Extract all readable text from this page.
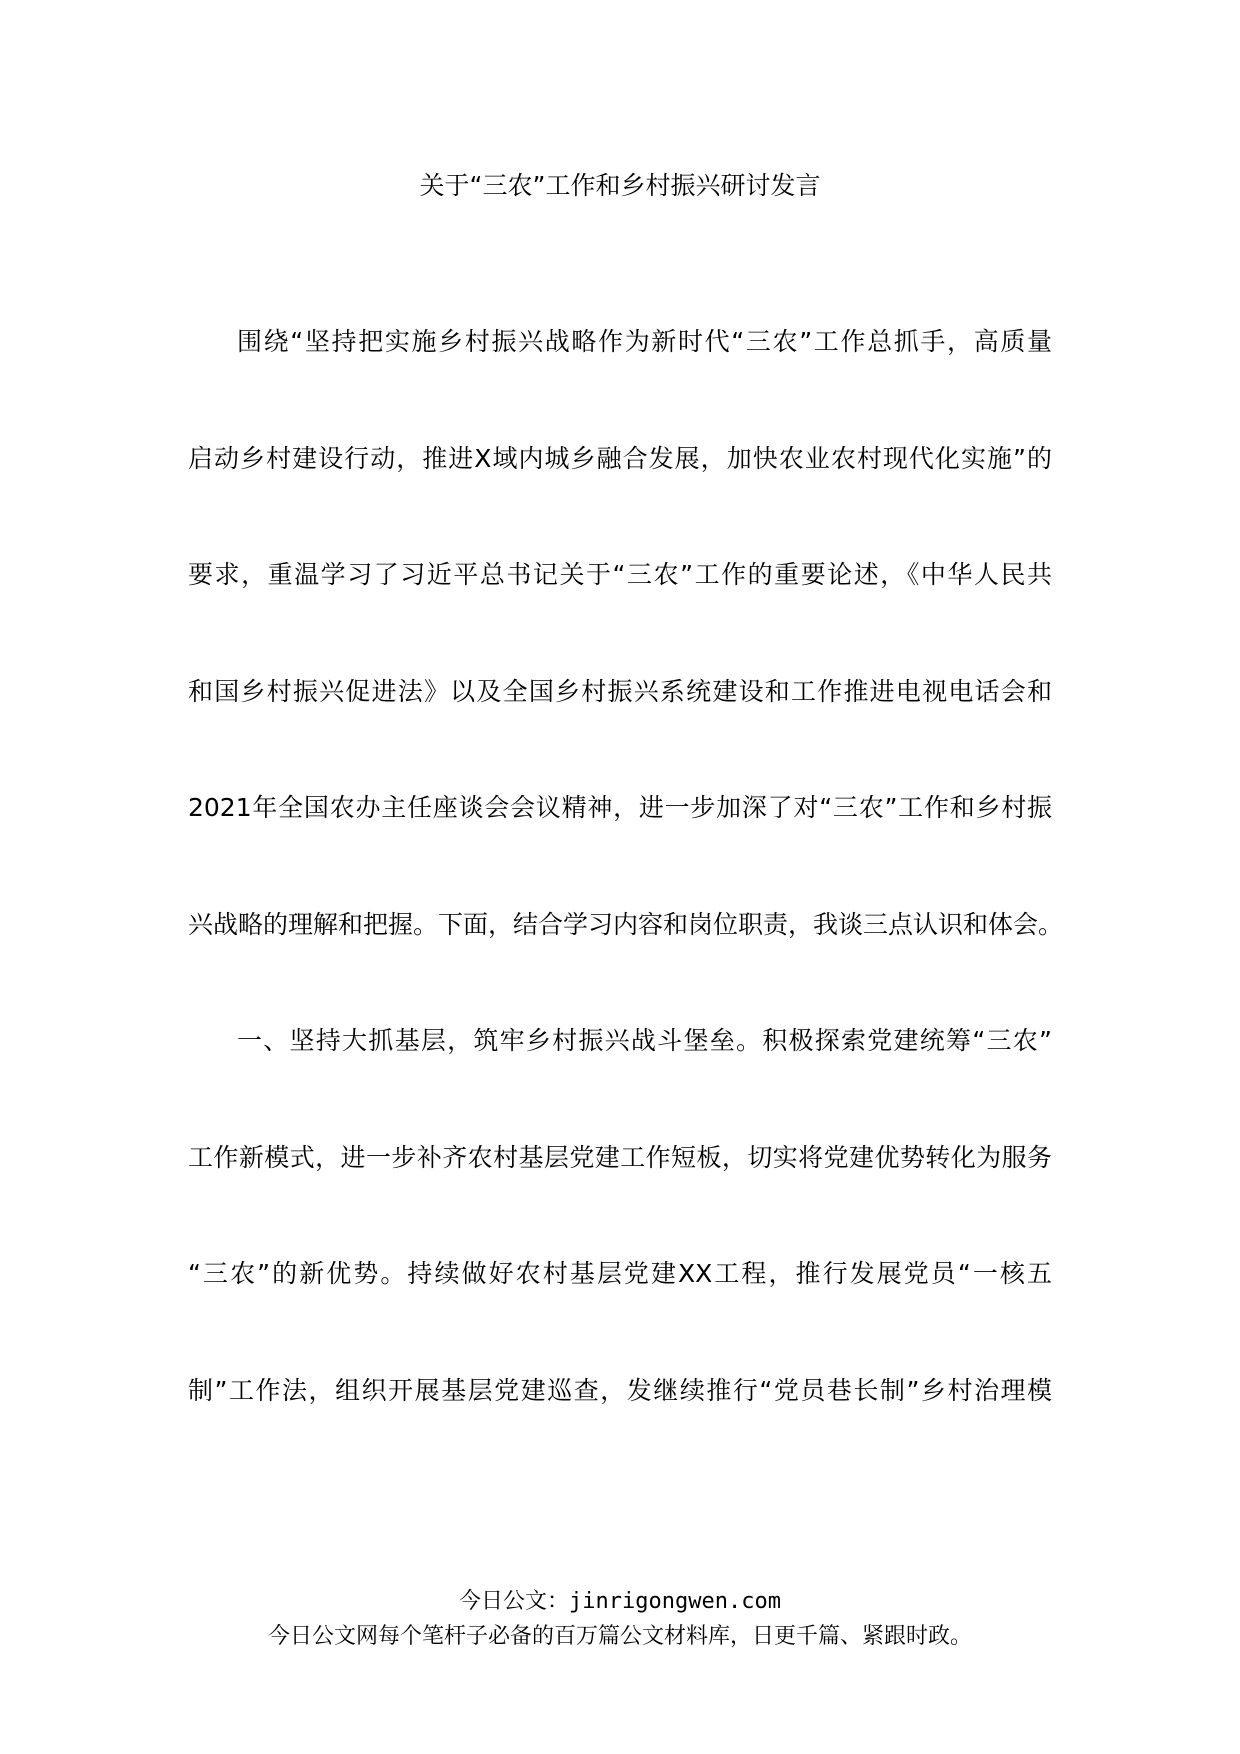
关于“三农”工作和乡村振兴研讨发言
围绕“坚持把实施乡村振兴战略作为新时代“三农”工作总抓手，高质量
启动乡村建设行动，推进X域内城乡融合发展，加快农业农村现代化实施”的
要求，重温学习了习近平总书记关于“三农”工作的重要论述，《中华人民共
和国乡村振兴促进法》以及全国乡村振兴系统建设和工作推进电视电话会和
2021年全国农办主任座谈会会议精神，进一步加深了对“三农”工作和乡村振
兴战略的理解和把握。下面，结合学习内容和岗位职责，我谈三点认识和体会。
一、坚持大抓基层，筑牢乡村振兴战斗堡垒。积极探索党建统筹“三农”
工作新模式，进一步补齐农村基层党建工作短板，切实将党建优势转化为服务
“三农”的新优势。持续做好农村基层党建XX工程，推行发展党员“一核五
制”工作法，组织开展基层党建巡查，发继续推行“党员巷长制”乡村治理模
今日公文：jinrigongwen.com
今日公文网每个笔杆子必备的百万篇公文材料库，日更千篇、紧跟时政。
